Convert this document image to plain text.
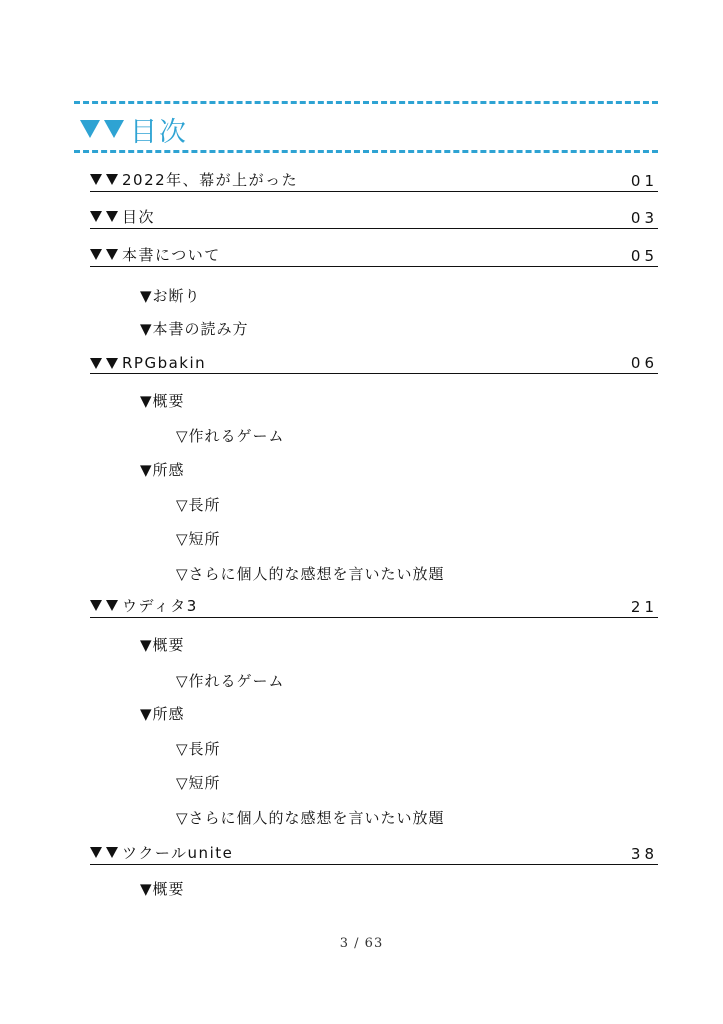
目次
2022年、幕が上がった	01
目次	03
本書について	05
▼お断り
▼本書の読み方
RPGbakin	06
▼概要
▽作れるゲーム
▼所感
▽長所
▽短所
▽さらに個人的な感想を言いたい放題
ウディタ3	21
▼概要
▽作れるゲーム
▼所感
▽長所
▽短所
▽さらに個人的な感想を言いたい放題
ツクールunite	38
▼概要
3 / 63
